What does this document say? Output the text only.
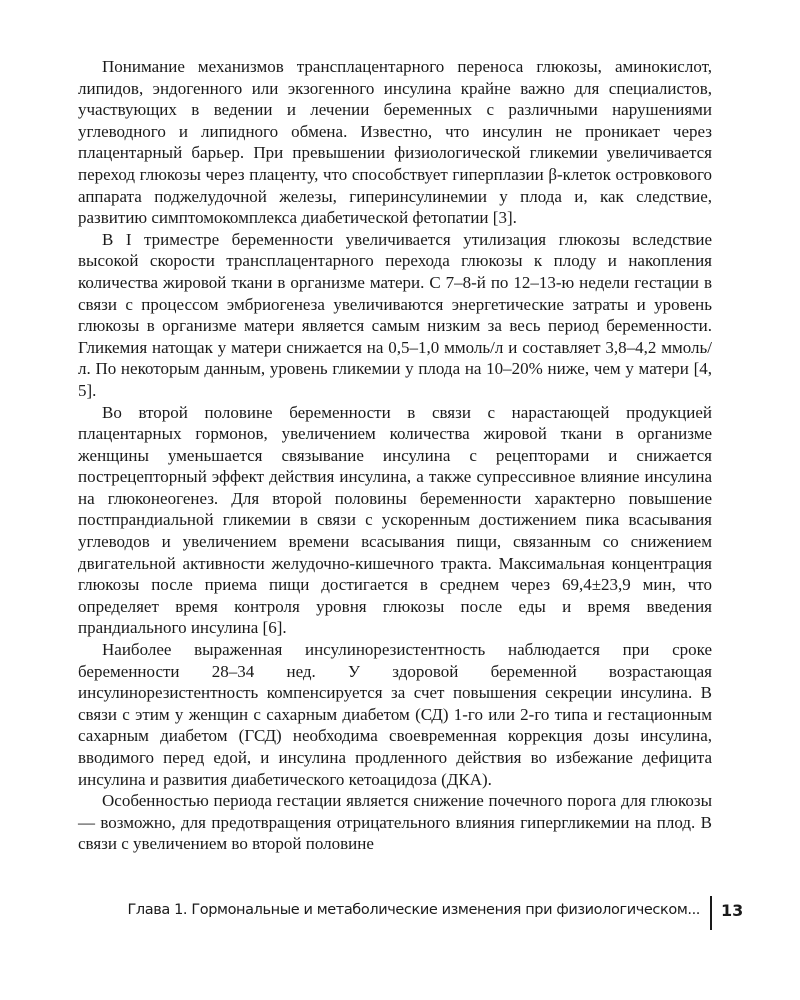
Понимание механизмов трансплацентарного переноса глюкозы, аминокислот, липидов, эндогенного или экзогенного инсулина крайне важно для специалистов, участвующих в ведении и лечении беременных с различными нарушениями углеводного и липидного обмена. Известно, что инсулин не проникает через плацентарный барьер. При превышении физиологической гликемии увеличивается переход глюкозы через плаценту, что способствует гиперплазии β-клеток островкового аппарата поджелудочной железы, гиперинсулинемии у плода и, как следствие, развитию симптомокомплекса диабетической фетопатии [3].

В I триместре беременности увеличивается утилизация глюкозы вследствие высокой скорости трансплацентарного перехода глюкозы к плоду и накопления количества жировой ткани в организме матери. С 7–8-й по 12–13-ю недели гестации в связи с процессом эмбриогенеза увеличиваются энергетические затраты и уровень глюкозы в организме матери является самым низким за весь период беременности. Гликемия натощак у матери снижается на 0,5–1,0 ммоль/л и составляет 3,8–4,2 ммоль/л. По некоторым данным, уровень гликемии у плода на 10–20% ниже, чем у матери [4, 5].

Во второй половине беременности в связи с нарастающей продукцией плацентарных гормонов, увеличением количества жировой ткани в организме женщины уменьшается связывание инсулина с рецепторами и снижается пострецепторный эффект действия инсулина, а также супрессивное влияние инсулина на глюконеогенез. Для второй половины беременности характерно повышение постпрандиальной гликемии в связи с ускоренным достижением пика всасывания углеводов и увеличением времени всасывания пищи, связанным со снижением двигательной активности желудочно-кишечного тракта. Максимальная концентрация глюкозы после приема пищи достигается в среднем через 69,4±23,9 мин, что определяет время контроля уровня глюкозы после еды и время введения прандиального инсулина [6].

Наиболее выраженная инсулинорезистентность наблюдается при сроке беременности 28–34 нед. У здоровой беременной возрастающая инсулинорезистентность компенсируется за счет повышения секреции инсулина. В связи с этим у женщин с сахарным диабетом (СД) 1-го или 2-го типа и гестационным сахарным диабетом (ГСД) необходима своевременная коррекция дозы инсулина, вводимого перед едой, и инсулина продленного действия во избежание дефицита инсулина и развития диабетического кетоацидоза (ДКА).

Особенностью периода гестации является снижение почечного порога для глюкозы — возможно, для предотвращения отрицательного влияния гипергликемии на плод. В связи с увеличением во второй половине

Глава 1. Гормональные и метаболические изменения при физиологическом... 13
